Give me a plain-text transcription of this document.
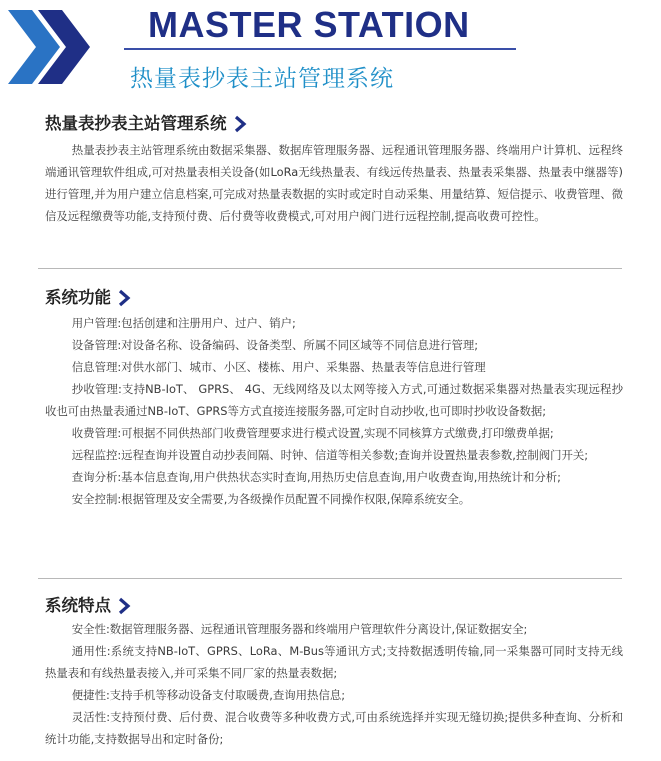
MASTER STATION
热量表抄表主站管理系统
热量表抄表主站管理系统

热量表抄表主站管理系统由数据采集器、数据库管理服务器、远程通讯管理服务器、终端用户计算机、远程终端通讯管理软件组成,可对热量表相关设备(如LoRa无线热量表、有线远传热量表、热量表采集器、热量表中继器等)进行管理,并为用户建立信息档案,可完成对热量表数据的实时或定时自动采集、用量结算、短信提示、收费管理、微信及远程缴费等功能,支持预付费、后付费等收费模式,可对用户阀门进行远程控制,提高收费可控性。

系统功能

用户管理:包括创建和注册用户、过户、销户;

设备管理:对设备名称、设备编码、设备类型、所属不同区域等不同信息进行管理;

信息管理:对供水部门、城市、小区、楼栋、用户、采集器、热量表等信息进行管理

抄收管理:支持NB-IoT、 GPRS、 4G、无线网络及以太网等接入方式,可通过数据采集器对热量表实现远程抄收也可由热量表通过NB-IoT、GPRS等方式直接连接服务器,可定时自动抄收,也可即时抄收设备数据;

收费管理:可根据不同供热部门收费管理要求进行模式设置,实现不同核算方式缴费,打印缴费单据;

远程监控:远程查询并设置自动抄表间隔、时钟、信道等相关参数;查询并设置热量表参数,控制阀门开关;

查询分析:基本信息查询,用户供热状态实时查询,用热历史信息查询,用户收费查询,用热统计和分析;

安全控制:根据管理及安全需要,为各级操作员配置不同操作权限,保障系统安全。

系统特点

安全性:数据管理服务器、远程通讯管理服务器和终端用户管理软件分离设计,保证数据安全;

通用性:系统支持NB-IoT、GPRS、LoRa、M-Bus等通讯方式;支持数据透明传输,同一采集器可同时支持无线热量表和有线热量表接入,并可采集不同厂家的热量表数据;

便捷性:支持手机等移动设备支付取暖费,查询用热信息;

灵活性:支持预付费、后付费、混合收费等多种收费方式,可由系统选择并实现无缝切换;提供多种查询、分析和统计功能,支持数据导出和定时备份;
